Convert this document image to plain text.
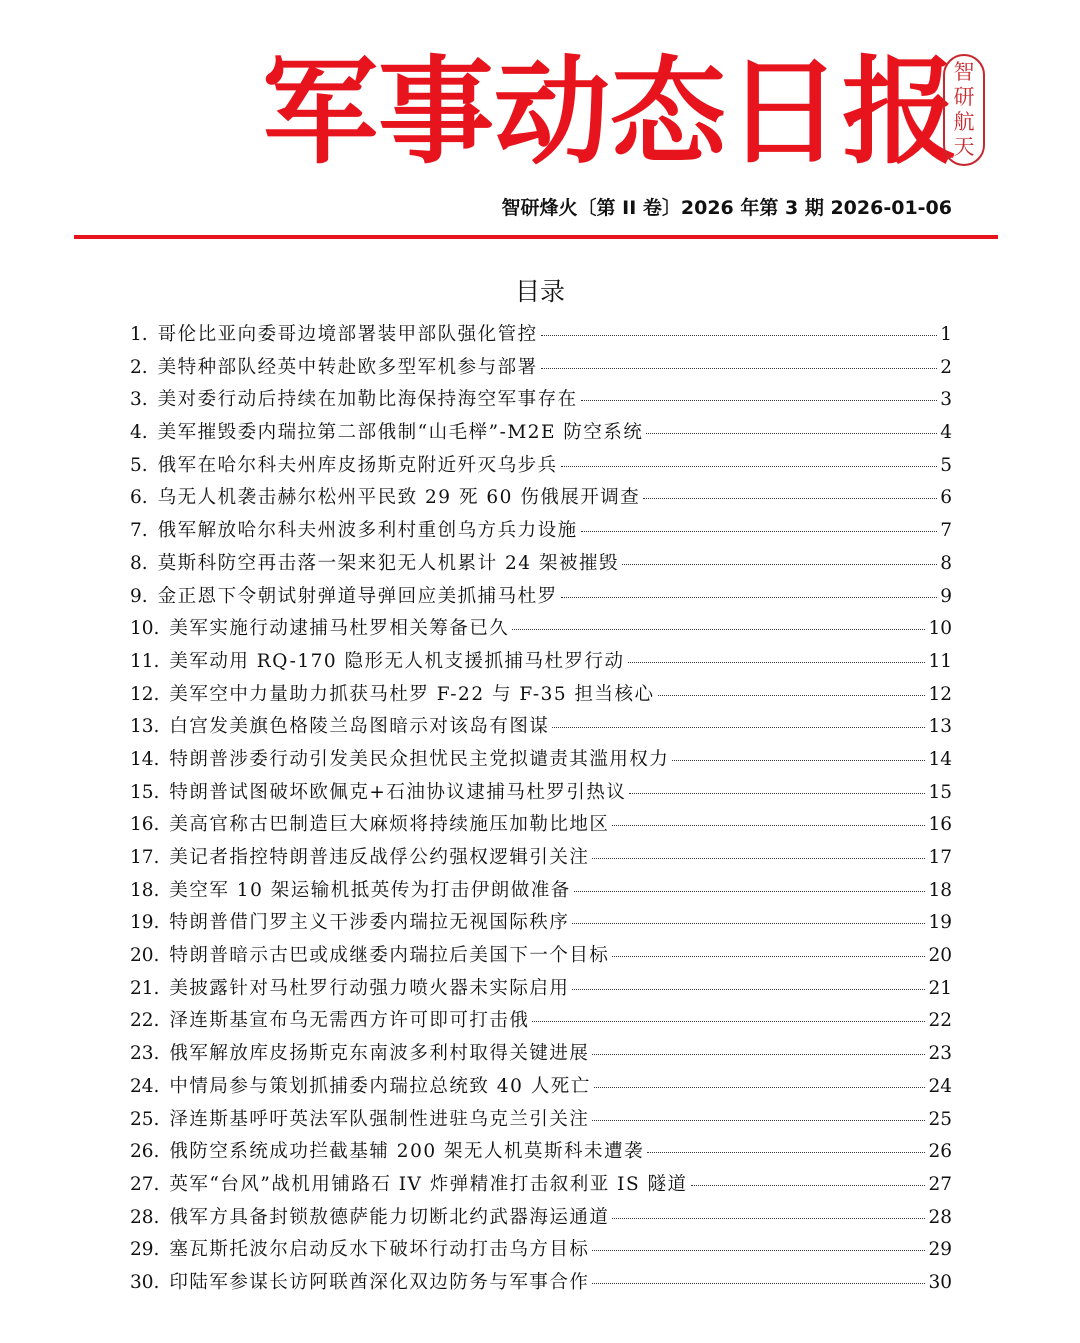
军 事 动 态 日 报
智
研
航
天
智研烽火〔第 II 卷〕2026 年第 3 期 2026-01-06
目录
1. 哥伦比亚向委哥边境部署装甲部队强化管控	1
2. 美特种部队经英中转赴欧多型军机参与部署	2
3. 美对委行动后持续在加勒比海保持海空军事存在	3
4. 美军摧毁委内瑞拉第二部俄制“山毛榉”-M2E 防空系统	4
5. 俄军在哈尔科夫州库皮扬斯克附近歼灭乌步兵	5
6. 乌无人机袭击赫尔松州平民致 29 死 60 伤俄展开调查	6
7. 俄军解放哈尔科夫州波多利村重创乌方兵力设施	7
8. 莫斯科防空再击落一架来犯无人机累计 24 架被摧毁	8
9. 金正恩下令朝试射弹道导弹回应美抓捕马杜罗	9
10. 美军实施行动逮捕马杜罗相关筹备已久	10
11. 美军动用 RQ-170 隐形无人机支援抓捕马杜罗行动	11
12. 美军空中力量助力抓获马杜罗 F-22 与 F-35 担当核心	12
13. 白宫发美旗色格陵兰岛图暗示对该岛有图谋	13
14. 特朗普涉委行动引发美民众担忧民主党拟谴责其滥用权力	14
15. 特朗普试图破坏欧佩克+石油协议逮捕马杜罗引热议	15
16. 美高官称古巴制造巨大麻烦将持续施压加勒比地区	16
17. 美记者指控特朗普违反战俘公约强权逻辑引关注	17
18. 美空军 10 架运输机抵英传为打击伊朗做准备	18
19. 特朗普借门罗主义干涉委内瑞拉无视国际秩序	19
20. 特朗普暗示古巴或成继委内瑞拉后美国下一个目标	20
21. 美披露针对马杜罗行动强力喷火器未实际启用	21
22. 泽连斯基宣布乌无需西方许可即可打击俄	22
23. 俄军解放库皮扬斯克东南波多利村取得关键进展	23
24. 中情局参与策划抓捕委内瑞拉总统致 40 人死亡	24
25. 泽连斯基呼吁英法军队强制性进驻乌克兰引关注	25
26. 俄防空系统成功拦截基辅 200 架无人机莫斯科未遭袭	26
27. 英军“台风”战机用铺路石 IV 炸弹精准打击叙利亚 IS 隧道	27
28. 俄军方具备封锁敖德萨能力切断北约武器海运通道	28
29. 塞瓦斯托波尔启动反水下破坏行动打击乌方目标	29
30. 印陆军参谋长访阿联酋深化双边防务与军事合作	30
